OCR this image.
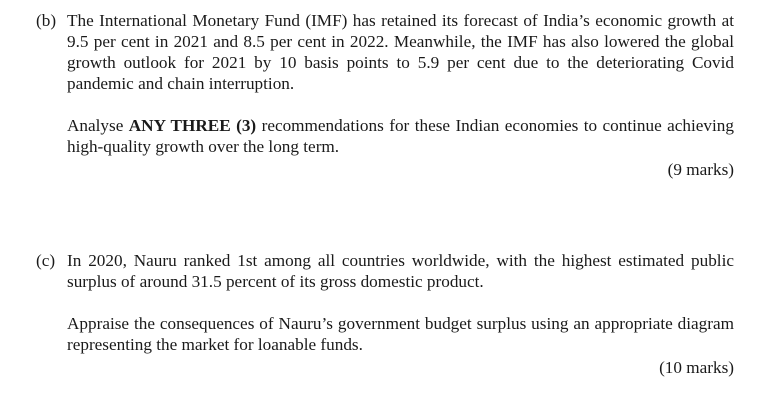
(b) The International Monetary Fund (IMF) has retained its forecast of India’s economic growth at 9.5 per cent in 2021 and 8.5 per cent in 2022. Meanwhile, the IMF has also lowered the global growth outlook for 2021 by 10 basis points to 5.9 per cent due to the deteriorating Covid pandemic and chain interruption.
Analyse ANY THREE (3) recommendations for these Indian economies to continue achieving high-quality growth over the long term.
(9 marks)
(c) In 2020, Nauru ranked 1st among all countries worldwide, with the highest estimated public surplus of around 31.5 percent of its gross domestic product.
Appraise the consequences of Nauru’s government budget surplus using an appropriate diagram representing the market for loanable funds.
(10 marks)
